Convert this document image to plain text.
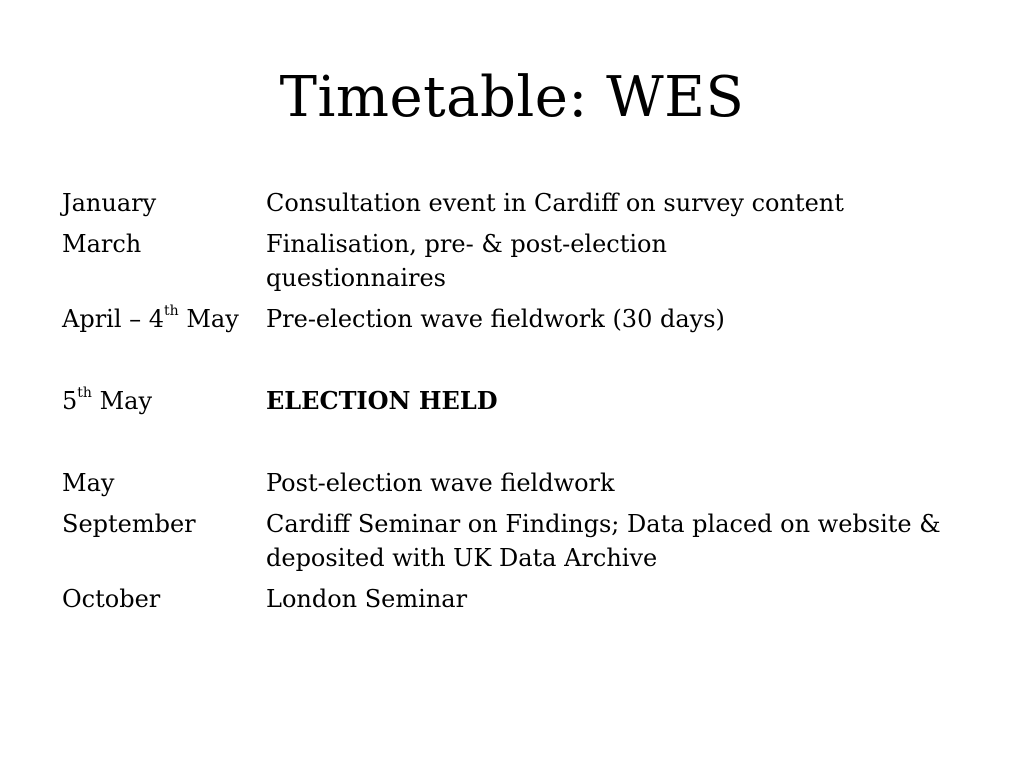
Timetable: WES
January	Consultation event in Cardiff on survey content
March	Finalisation, pre- & post-election questionnaires
April – 4th May	Pre-election wave fieldwork (30 days)
5th May	ELECTION HELD
May	Post-election wave fieldwork
September	Cardiff Seminar on Findings; Data placed on website & deposited with UK Data Archive
October	London Seminar
